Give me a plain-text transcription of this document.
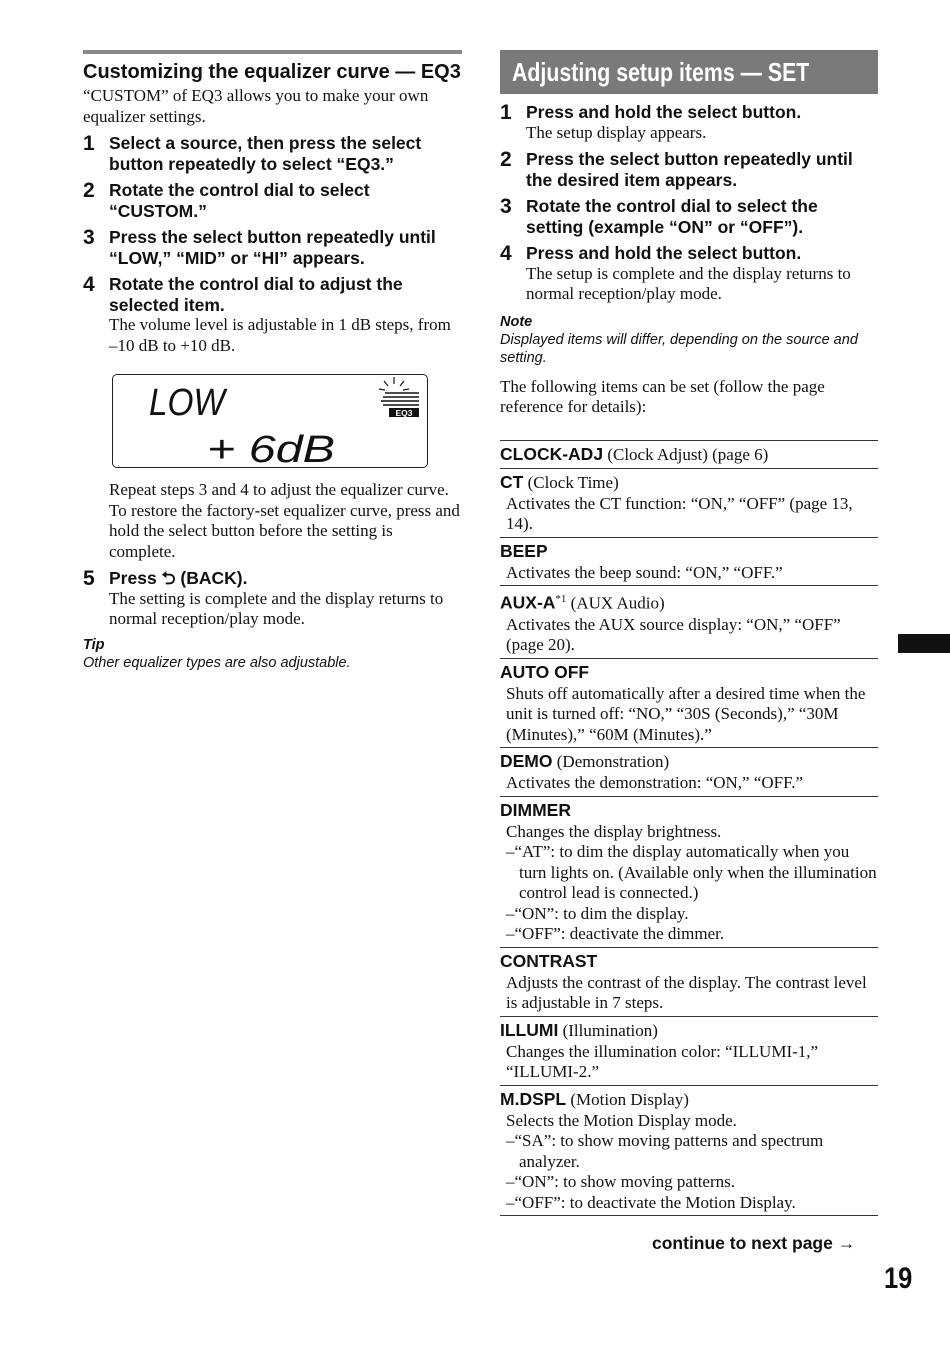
Customizing the equalizer curve — EQ3
“CUSTOM” of EQ3 allows you to make your own equalizer settings.
1 Select a source, then press the select button repeatedly to select “EQ3.”
2 Rotate the control dial to select “CUSTOM.”
3 Press the select button repeatedly until “LOW,” “MID” or “HI” appears.
4 Rotate the control dial to adjust the selected item.
The volume level is adjustable in 1 dB steps, from –10 dB to +10 dB.
LOW
+ 6dB
EQ3
Repeat steps 3 and 4 to adjust the equalizer curve.
To restore the factory-set equalizer curve, press and hold the select button before the setting is complete.
5 Press ⮌ (BACK).
The setting is complete and the display returns to normal reception/play mode.
Tip
Other equalizer types are also adjustable.
Adjusting setup items — SET
1 Press and hold the select button.
The setup display appears.
2 Press the select button repeatedly until the desired item appears.
3 Rotate the control dial to select the setting (example “ON” or “OFF”).
4 Press and hold the select button.
The setup is complete and the display returns to normal reception/play mode.
Note
Displayed items will differ, depending on the source and setting.
The following items can be set (follow the page reference for details):
CLOCK-ADJ (Clock Adjust) (page 6)
CT (Clock Time)
Activates the CT function: “ON,” “OFF” (page 13, 14).
BEEP
Activates the beep sound: “ON,” “OFF.”
AUX-$A^{*1}$ (AUX Audio)
Activates the AUX source display: “ON,” “OFF” (page 20).
AUTO OFF
Shuts off automatically after a desired time when the unit is turned off: “NO,” “30S (Seconds),” “30M (Minutes),” “60M (Minutes).”
DEMO (Demonstration)
Activates the demonstration: “ON,” “OFF.”
DIMMER
Changes the display brightness.
–“AT”: to dim the display automatically when you turn lights on. (Available only when the illumination control lead is connected.)
–“ON”: to dim the display.
–“OFF”: deactivate the dimmer.
CONTRAST
Adjusts the contrast of the display. The contrast level is adjustable in 7 steps.
ILLUMI (Illumination)
Changes the illumination color: “ILLUMI-1,” “ILLUMI-2.”
M.DSPL (Motion Display)
Selects the Motion Display mode.
–“SA”: to show moving patterns and spectrum analyzer.
–“ON”: to show moving patterns.
–“OFF”: to deactivate the Motion Display.
continue to next page →
19
